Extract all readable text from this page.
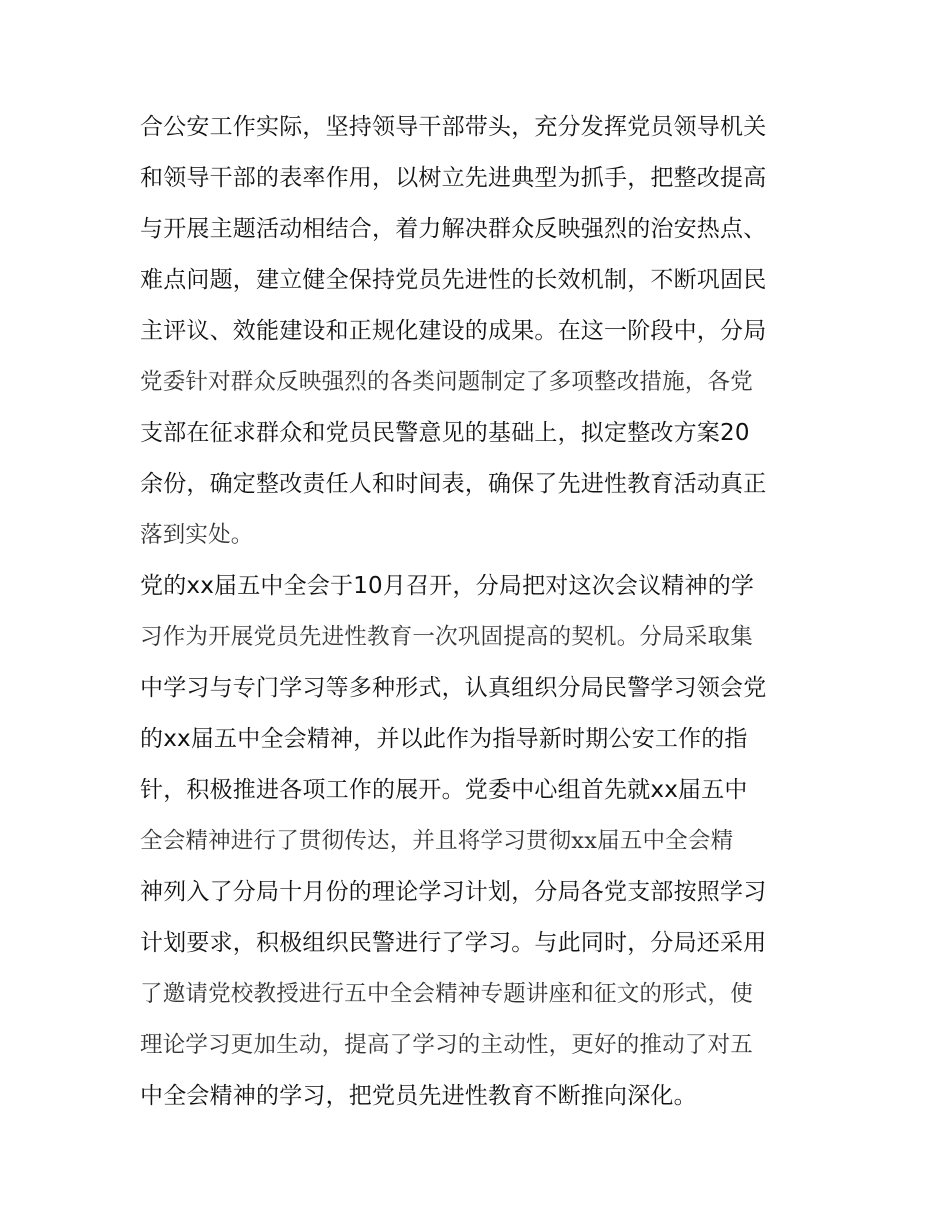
合公安工作实际，坚持领导干部带头，充分发挥党员领导机关
和领导干部的表率作用，以树立先进典型为抓手，把整改提高
与开展主题活动相结合，着力解决群众反映强烈的治安热点、
难点问题，建立健全保持党员先进性的长效机制，不断巩固民
主评议、效能建设和正规化建设的成果。在这一阶段中，分局
党委针对群众反映强烈的各类问题制定了多项整改措施，各党
支部在征求群众和党员民警意见的基础上，拟定整改方案20
余份，确定整改责任人和时间表，确保了先进性教育活动真正
落到实处。
党的xx届五中全会于10月召开，分局把对这次会议精神的学
习作为开展党员先进性教育一次巩固提高的契机。分局采取集
中学习与专门学习等多种形式，认真组织分局民警学习领会党
的xx届五中全会精神，并以此作为指导新时期公安工作的指
针，积极推进各项工作的展开。党委中心组首先就xx届五中
全会精神进行了贯彻传达，并且将学习贯彻xx届五中全会精
神列入了分局十月份的理论学习计划，分局各党支部按照学习
计划要求，积极组织民警进行了学习。与此同时，分局还采用
了邀请党校教授进行五中全会精神专题讲座和征文的形式，使
理论学习更加生动，提高了学习的主动性，更好的推动了对五
中全会精神的学习，把党员先进性教育不断推向深化。
